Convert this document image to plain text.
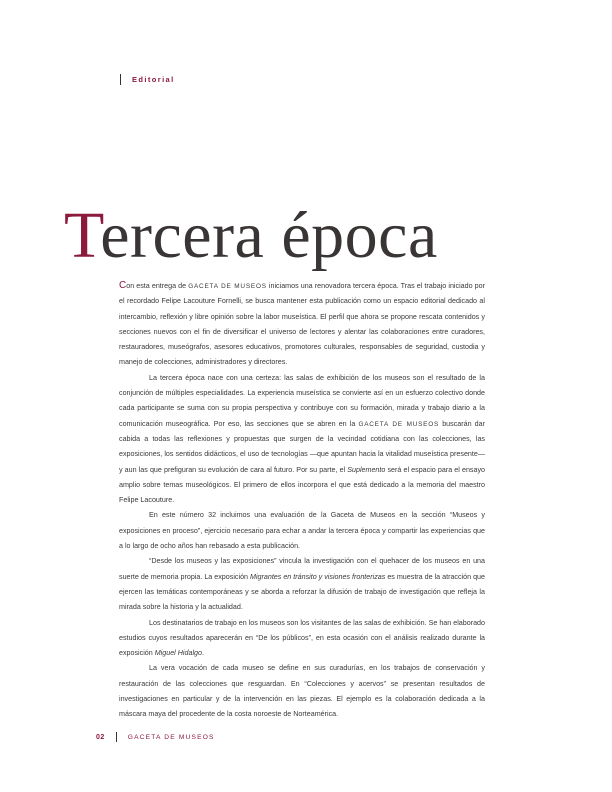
Editorial
Tercera época

Con esta entrega de GACETA DE MUSEOS iniciamos una renovadora tercera época. Tras el trabajo iniciado por el recordado Felipe Lacouture Fornelli, se busca mantener esta publicación como un espacio editorial dedicado al intercambio, reflexión y libre opinión sobre la labor museística. El perfil que ahora se propone rescata contenidos y secciones nuevos con el fin de diversificar el universo de lectores y alentar las colaboraciones entre curadores, restauradores, museógrafos, asesores educativos, promotores culturales, responsables de seguridad, custodia y manejo de colecciones, administradores y directores.

La tercera época nace con una certeza: las salas de exhibición de los museos son el resultado de la conjunción de múltiples especialidades. La experiencia museística se convierte así en un esfuerzo colectivo donde cada participante se suma con su propia perspectiva y contribuye con su formación, mirada y trabajo diario a la comunicación museográfica. Por eso, las secciones que se abren en la GACETA DE MUSEOS buscarán dar cabida a todas las reflexiones y propuestas que surgen de la vecindad cotidiana con las colecciones, las exposiciones, los sentidos didácticos, el uso de tecnologías —que apuntan hacia la vitalidad museística presente— y aun las que prefiguran su evolución de cara al futuro. Por su parte, el Suplemento será el espacio para el ensayo amplio sobre temas museológicos. El primero de ellos incorpora el que está dedicado a la memoria del maestro Felipe Lacouture.

En este número 32 incluimos una evaluación de la Gaceta de Museos en la sección “Museos y exposiciones en proceso”, ejercicio necesario para echar a andar la tercera época y compartir las experiencias que a lo largo de ocho años han rebasado a esta publicación.

“Desde los museos y las exposiciones” vincula la investigación con el quehacer de los museos en una suerte de memoria propia. La exposición Migrantes en tránsito y visiones fronterizas es muestra de la atracción que ejercen las temáticas contemporáneas y se aborda a reforzar la difusión de trabajo de investigación que refleja la mirada sobre la historia y la actualidad.

Los destinatarios de trabajo en los museos son los visitantes de las salas de exhibición. Se han elaborado estudios cuyos resultados aparecerán en “De los públicos”, en esta ocasión con el análisis realizado durante la exposición Miguel Hidalgo.

La vera vocación de cada museo se define en sus curadurías, en los trabajos de conservación y restauración de las colecciones que resguardan. En “Colecciones y acervos” se presentan resultados de investigaciones en particular y de la intervención en las piezas. El ejemplo es la colaboración dedicada a la máscara maya del procedente de la costa noroeste de Norteamérica.

02	GACETA DE MUSEOS
